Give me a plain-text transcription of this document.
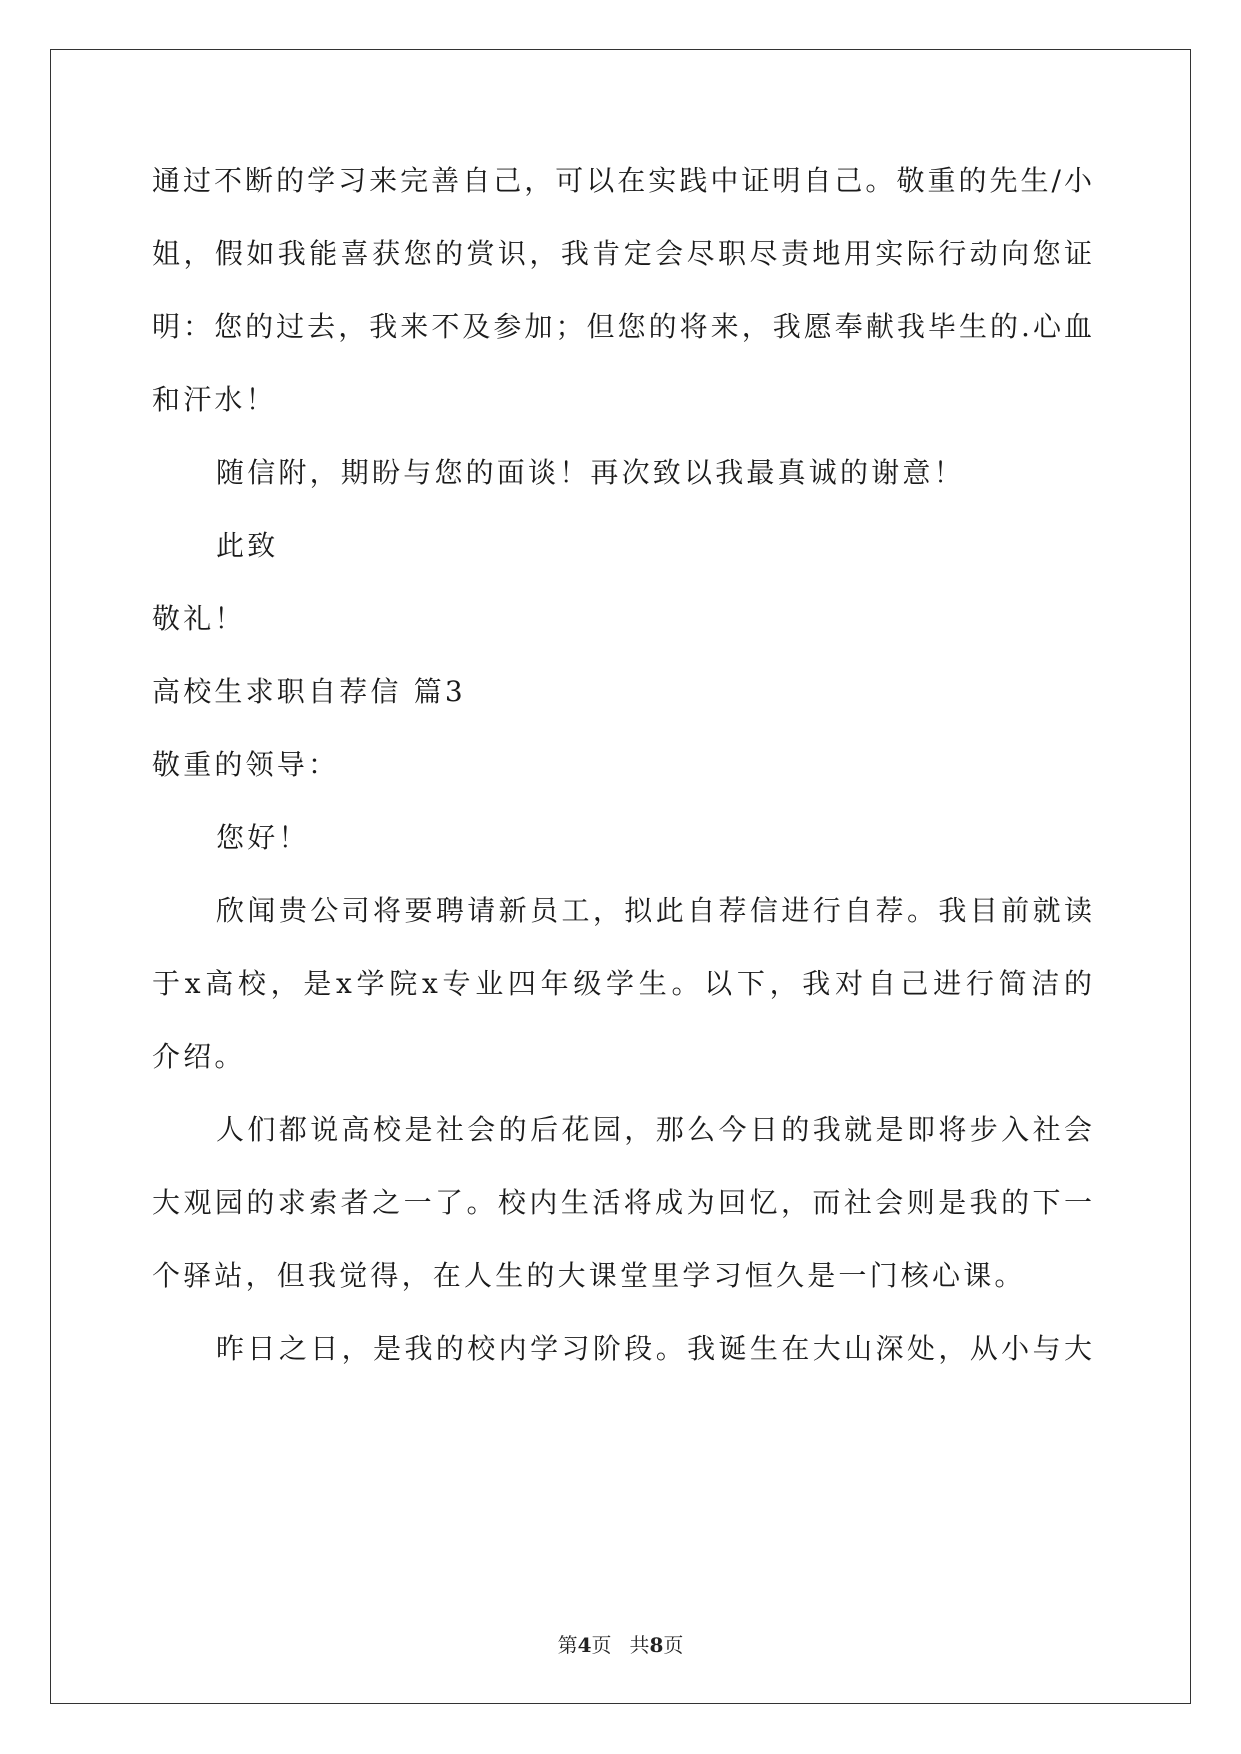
通过不断的学习来完善自己，可以在实践中证明自己。敬重的先生/小
姐，假如我能喜获您的赏识，我肯定会尽职尽责地用实际行动向您证
明：您的过去，我来不及参加；但您的将来，我愿奉献我毕生的.心血
和汗水！
随信附，期盼与您的面谈！再次致以我最真诚的谢意！
此致
敬礼！
高校生求职自荐信 篇3
敬重的领导：
您好！
欣闻贵公司将要聘请新员工，拟此自荐信进行自荐。我目前就读
于x高校，是x学院x专业四年级学生。以下，我对自己进行简洁的
介绍。
人们都说高校是社会的后花园，那么今日的我就是即将步入社会
大观园的求索者之一了。校内生活将成为回忆，而社会则是我的下一
个驿站，但我觉得，在人生的大课堂里学习恒久是一门核心课。
昨日之日，是我的校内学习阶段。我诞生在大山深处，从小与大
第4页 共8页
